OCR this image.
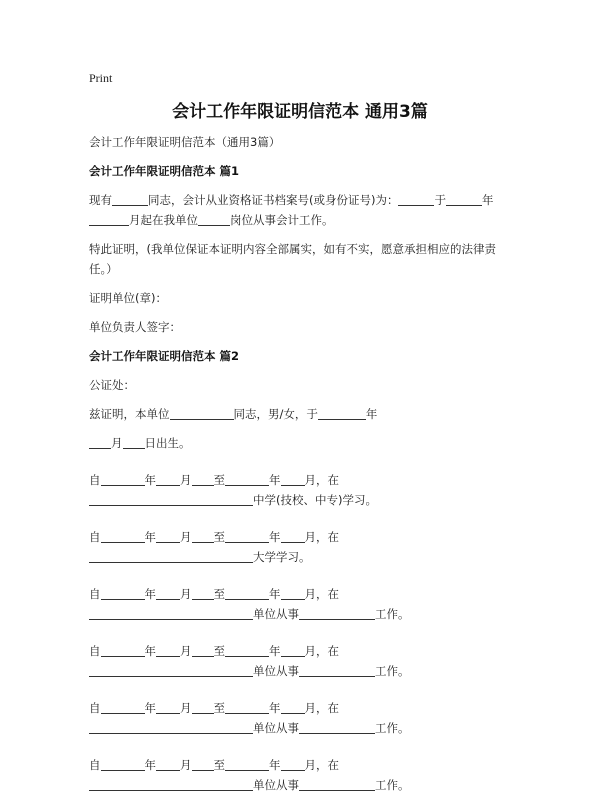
Print
会计工作年限证明信范本 通用3篇
会计工作年限证明信范本（通用3篇）
会计工作年限证明信范本 篇1
现有	同志，会计从业资格证书档案号(或身份证号)为：	于	年
月起在我单位	岗位从事会计工作。
特此证明，(我单位保证本证明内容全部属实，如有不实，愿意承担相应的法律责任。）
证明单位(章)：
单位负责人签字：
会计工作年限证明信范本 篇2
公证处：
兹证明，本单位	同志，男/女，于	年
月 日出生。
自	年 月 至	年 月，在
中学(技校、中专)学习。
自	年 月 至	年 月，在
大学学习。
自	年 月 至	年 月，在
单位从事	工作。
自	年 月 至	年 月，在
单位从事	工作。
自	年 月 至	年 月，在
单位从事	工作。
自	年 月 至	年 月，在
单位从事	工作。
